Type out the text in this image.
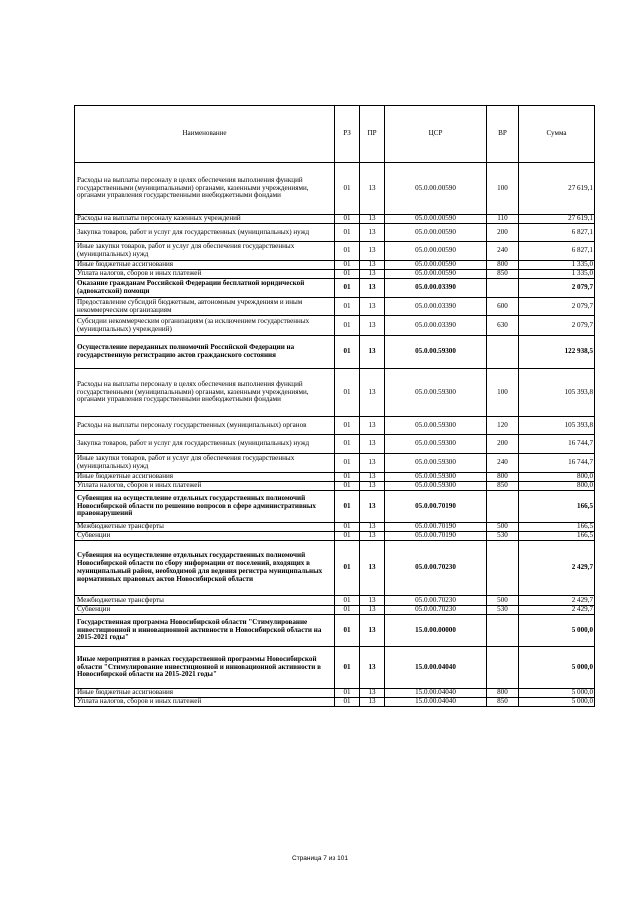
Наименование	РЗ	ПР	ЦСР	ВР	Сумма
Расходы на выплаты персоналу в целях обеспечения выполнения функций государственными (муниципальными) органами, казенными учреждениями, органами управления государственными внебюджетными фондами	01	13	05.0.00.00590	100	27 619,1
Расходы на выплаты персоналу казенных учреждений	01	13	05.0.00.00590	110	27 619,1
Закупка товаров, работ и услуг для государственных (муниципальных) нужд	01	13	05.0.00.00590	200	6 827,1
Иные закупки товаров, работ и услуг для обеспечения государственных (муниципальных) нужд	01	13	05.0.00.00590	240	6 827,1
Иные бюджетные ассигнования	01	13	05.0.00.00590	800	1 335,0
Уплата налогов, сборов и иных платежей	01	13	05.0.00.00590	850	1 335,0
Оказание гражданам Российской Федерации бесплатной юридической (адвокатской) помощи	01	13	05.0.00.03390		2 079,7
Предоставление субсидий бюджетным, автономным учреждениям и иным некоммерческим организациям	01	13	05.0.00.03390	600	2 079,7
Субсидии некоммерческим организациям (за исключением государственных (муниципальных) учреждений)	01	13	05.0.00.03390	630	2 079,7
Осуществление переданных полномочий Российской Федерации на государственную регистрацию актов гражданского состояния	01	13	05.0.00.59300		122 938,5
Расходы на выплаты персоналу в целях обеспечения выполнения функций государственными (муниципальными) органами, казенными учреждениями, органами управления государственными внебюджетными фондами	01	13	05.0.00.59300	100	105 393,8
Расходы на выплаты персоналу государственных (муниципальных) органов	01	13	05.0.00.59300	120	105 393,8
Закупка товаров, работ и услуг для государственных (муниципальных) нужд	01	13	05.0.00.59300	200	16 744,7
Иные закупки товаров, работ и услуг для обеспечения государственных (муниципальных) нужд	01	13	05.0.00.59300	240	16 744,7
Иные бюджетные ассигнования	01	13	05.0.00.59300	800	800,0
Уплата налогов, сборов и иных платежей	01	13	05.0.00.59300	850	800,0
Субвенция на осуществление отдельных государственных полномочий Новосибирской области по решению вопросов в сфере административных правонарушений	01	13	05.0.00.70190		166,5
Межбюджетные трансферты	01	13	05.0.00.70190	500	166,5
Субвенции	01	13	05.0.00.70190	530	166,5
Субвенция на осуществление отдельных государственных полномочий Новосибирской области по сбору информации от поселений, входящих в муниципальный район, необходимой для ведения регистра муниципальных нормативных правовых актов Новосибирской области	01	13	05.0.00.70230		2 429,7
Межбюджетные трансферты	01	13	05.0.00.70230	500	2 429,7
Субвенции	01	13	05.0.00.70230	530	2 429,7
Государственная программа Новосибирской области "Стимулирование инвестиционной и инновационной активности в Новосибирской области на 2015-2021 годы"	01	13	15.0.00.00000		5 000,0
Иные мероприятия в рамках государственной программы Новосибирской области "Стимулирование инвестиционной и инновационной активности в Новосибирской области на 2015-2021 годы"	01	13	15.0.00.04040		5 000,0
Иные бюджетные ассигнования	01	13	15.0.00.04040	800	5 000,0
Уплата налогов, сборов и иных платежей	01	13	15.0.00.04040	850	5 000,0
Страница 7 из 101
